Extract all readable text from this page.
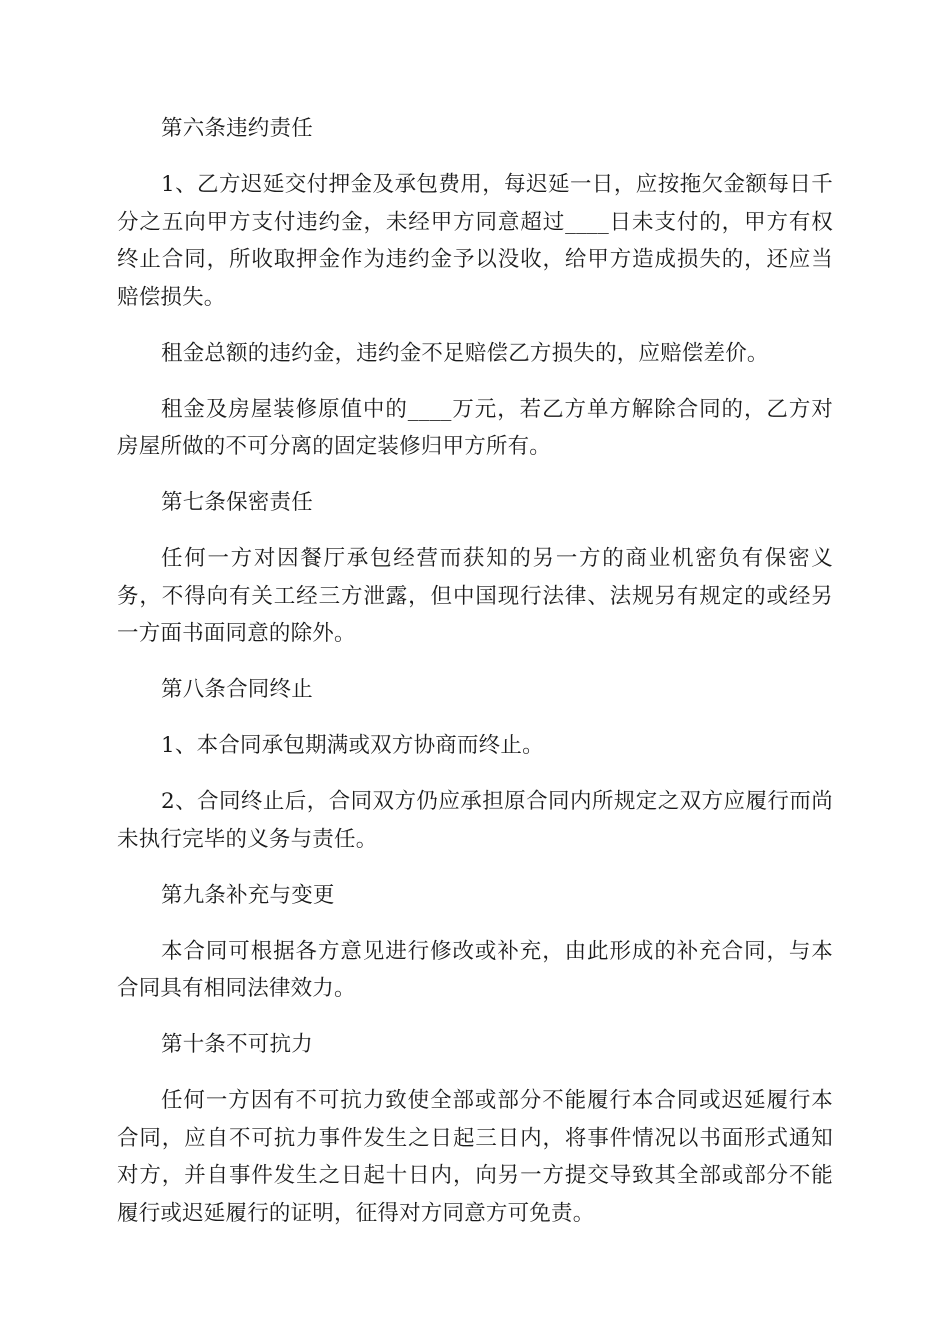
第六条违约责任

1、乙方迟延交付押金及承包费用，每迟延一日，应按拖欠金额每日千分之五向甲方支付违约金，未经甲方同意超过____日未支付的，甲方有权终止合同，所收取押金作为违约金予以没收，给甲方造成损失的，还应当赔偿损失。

租金总额的违约金，违约金不足赔偿乙方损失的，应赔偿差价。

租金及房屋装修原值中的____万元，若乙方单方解除合同的，乙方对房屋所做的不可分离的固定装修归甲方所有。

第七条保密责任

任何一方对因餐厅承包经营而获知的另一方的商业机密负有保密义务，不得向有关工经三方泄露，但中国现行法律、法规另有规定的或经另一方面书面同意的除外。

第八条合同终止

1、本合同承包期满或双方协商而终止。

2、合同终止后，合同双方仍应承担原合同内所规定之双方应履行而尚未执行完毕的义务与责任。

第九条补充与变更

本合同可根据各方意见进行修改或补充，由此形成的补充合同，与本合同具有相同法律效力。

第十条不可抗力

任何一方因有不可抗力致使全部或部分不能履行本合同或迟延履行本合同，应自不可抗力事件发生之日起三日内，将事件情况以书面形式通知对方，并自事件发生之日起十日内，向另一方提交导致其全部或部分不能履行或迟延履行的证明，征得对方同意方可免责。
